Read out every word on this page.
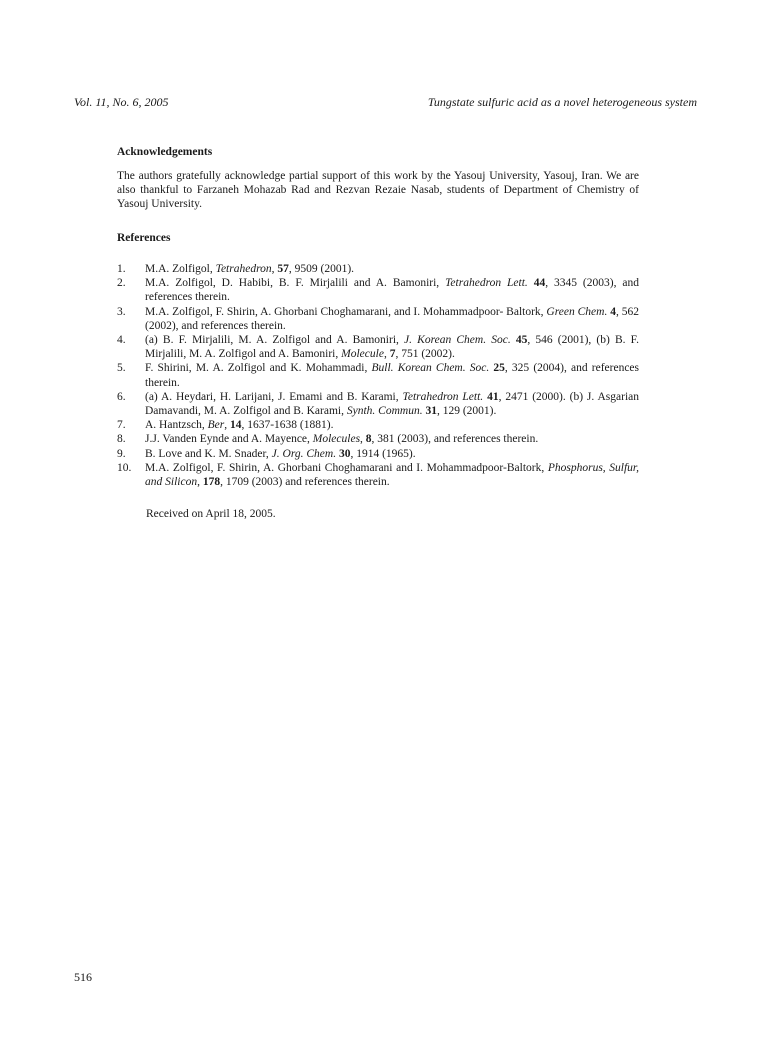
Vol. 11, No. 6, 2005	Tungstate sulfuric acid as a novel heterogeneous system
Acknowledgements
The authors gratefully acknowledge partial support of this work by the Yasouj University, Yasouj, Iran. We are also thankful to Farzaneh Mohazab Rad and Rezvan Rezaie Nasab, students of Department of Chemistry of Yasouj University.
References
1.	M.A. Zolfigol, Tetrahedron, 57, 9509 (2001).
2.	M.A. Zolfigol, D. Habibi, B. F. Mirjalili and A. Bamoniri, Tetrahedron Lett. 44, 3345 (2003), and references therein.
3.	M.A. Zolfigol, F. Shirin, A. Ghorbani Choghamarani, and I. Mohammadpoor- Baltork, Green Chem. 4, 562 (2002), and references therein.
4.	(a) B. F. Mirjalili, M. A. Zolfigol and A. Bamoniri, J. Korean Chem. Soc. 45, 546 (2001), (b) B. F. Mirjalili, M. A. Zolfigol and A. Bamoniri, Molecule, 7, 751 (2002).
5.	F. Shirini, M. A. Zolfigol and K. Mohammadi, Bull. Korean Chem. Soc. 25, 325 (2004), and references therein.
6.	(a) A. Heydari, H. Larijani, J. Emami and B. Karami, Tetrahedron Lett. 41, 2471 (2000). (b) J. Asgarian Damavandi, M. A. Zolfigol and B. Karami, Synth. Commun. 31, 129 (2001).
7.	A. Hantzsch, Ber, 14, 1637-1638 (1881).
8.	J.J. Vanden Eynde and A. Mayence, Molecules, 8, 381 (2003), and references therein.
9.	B. Love and K. M. Snader, J. Org. Chem. 30, 1914 (1965).
10.	M.A. Zolfigol, F. Shirin, A. Ghorbani Choghamarani and I. Mohammadpoor-Baltork, Phosphorus, Sulfur, and Silicon, 178, 1709 (2003) and references therein.
Received on April 18, 2005.
516
